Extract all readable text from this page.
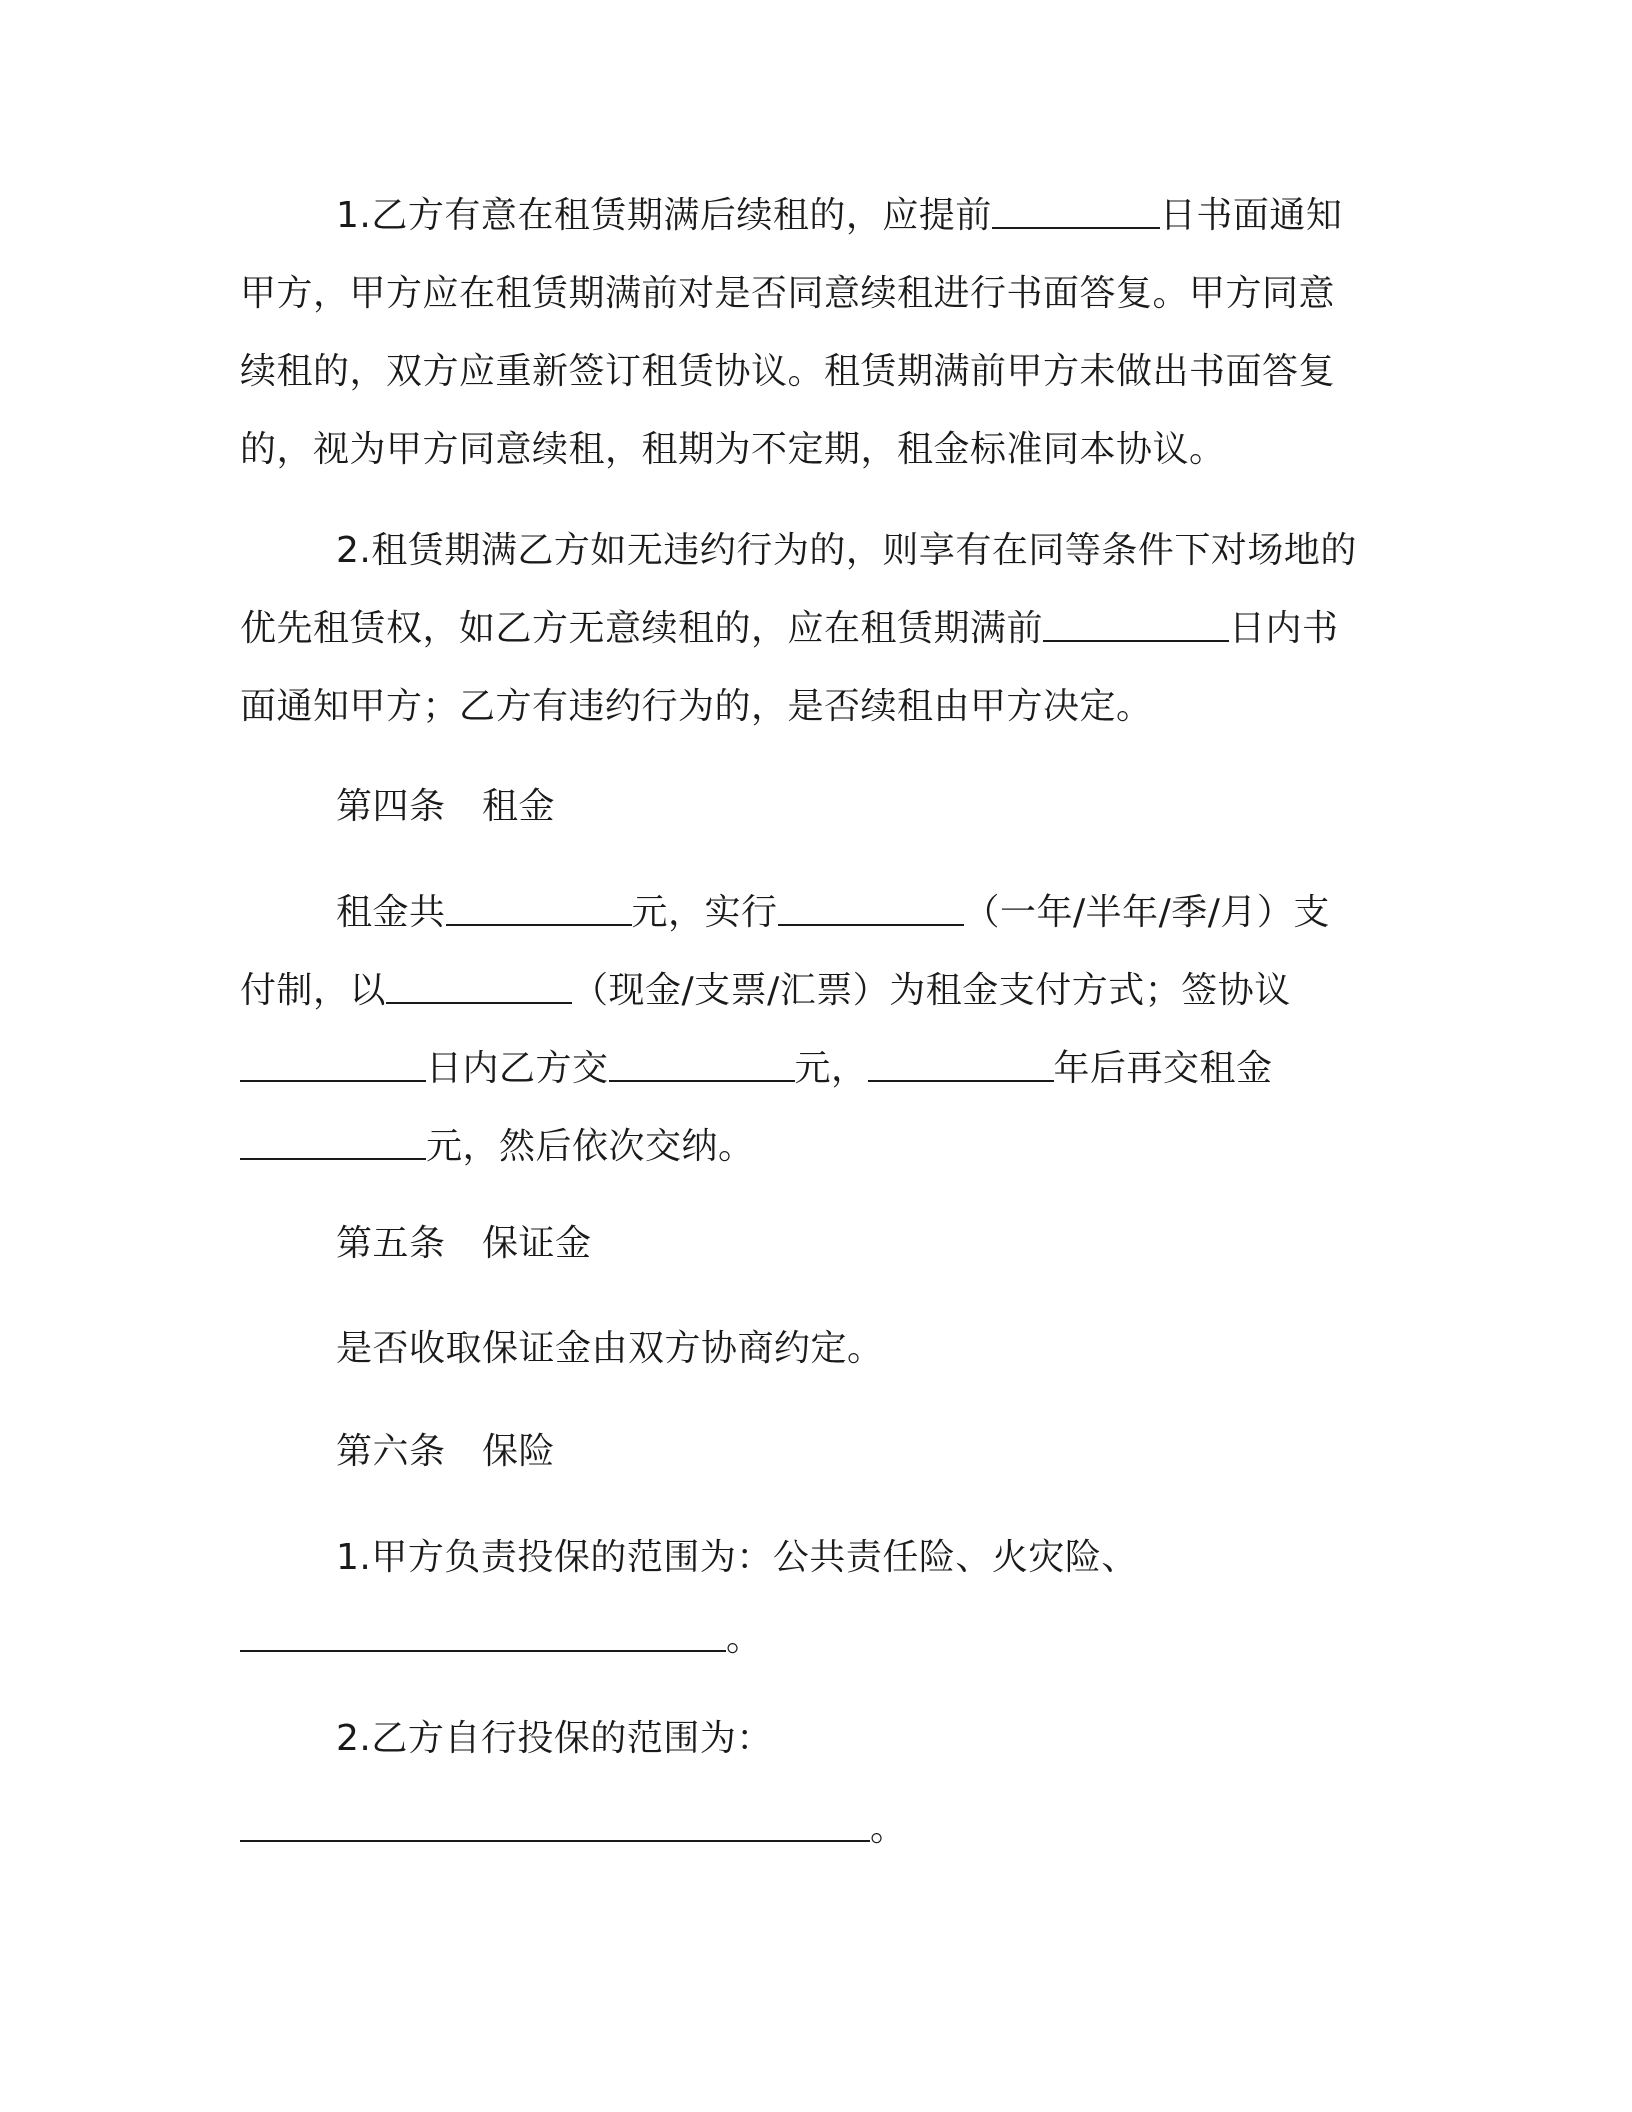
1.乙方有意在租赁期满后续租的，应提前	日书面通知
甲方，甲方应在租赁期满前对是否同意续租进行书面答复。甲方同意
续租的，双方应重新签订租赁协议。租赁期满前甲方未做出书面答复
的，视为甲方同意续租，租期为不定期，租金标准同本协议。
2.租赁期满乙方如无违约行为的，则享有在同等条件下对场地的
优先租赁权，如乙方无意续租的，应在租赁期满前	日内书
面通知甲方；乙方有违约行为的，是否续租由甲方决定。
第四条　租金
租金共	元，实行	（一年/半年/季/月）支
付制，以	（现金/支票/汇票）为租金支付方式；签协议
日内乙方交	元，	年后再交租金
元，然后依次交纳。
第五条　保证金
是否收取保证金由双方协商约定。
第六条　保险
1.甲方负责投保的范围为：公共责任险、火灾险、
。
2.乙方自行投保的范围为：
。
